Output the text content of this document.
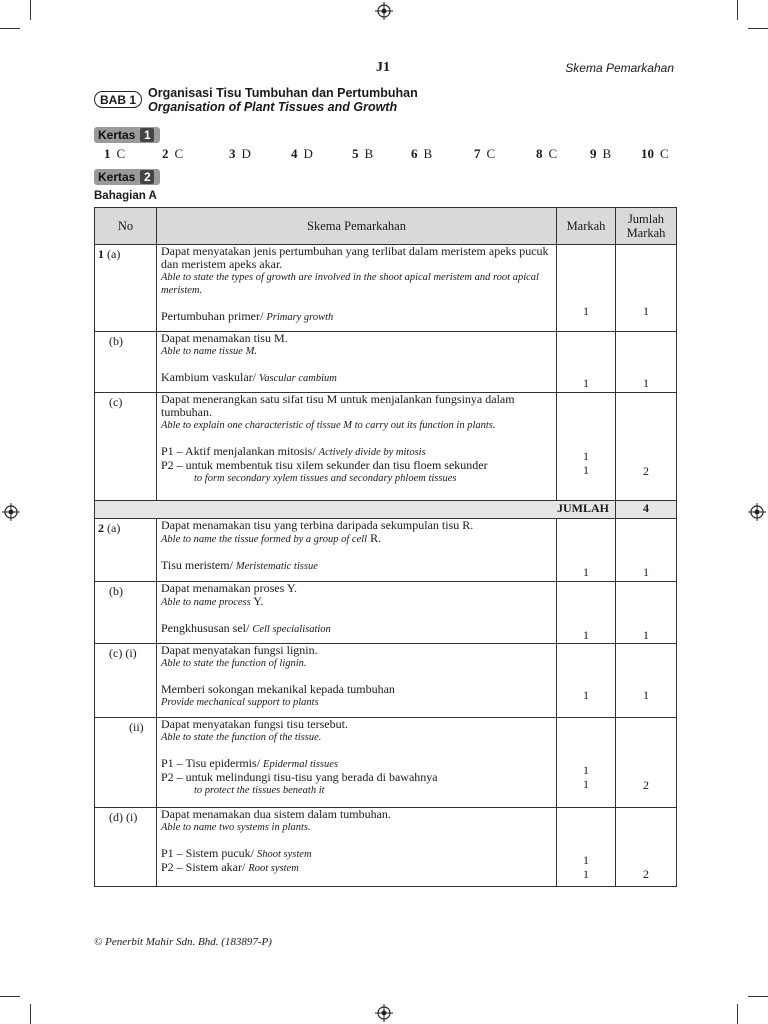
J1	Skema Pemarkahan
BAB 1 Organisasi Tisu Tumbuhan dan Pertumbuhan
Organisation of Plant Tissues and Growth
Kertas 1
1 C	2 C	3 D	4 D	5 B	6 B	7 C	8 C	9 B 10 C
Kertas 2
Bahagian A
No	Skema Pemarkahan	Markah	Jumlah Markah
1 (a)	Dapat menyatakan jenis pertumbuhan yang terlibat dalam meristem apeks pucuk dan meristem apeks akar.
Able to state the types of growth are involved in the shoot apical meristem and root apical meristem.
Pertumbuhan primer/ Primary growth	1	1

(b)	Dapat menamakan tisu M.
Able to name tissue M.
Kambium vaskular/ Vascular cambium	1	1

(c)	Dapat menerangkan satu sifat tisu M untuk menjalankan fungsinya dalam tumbuhan.
Able to explain one characteristic of tissue M to carry out its function in plants.
P1 – Aktif menjalankan mitosis/ Actively divide by mitosis
P2 – untuk membentuk tisu xilem sekunder dan tisu floem sekunder
to form secondary xylem tissues and secondary phloem tissues	1
1	2

JUMLAH			4
2 (a)	Dapat menamakan tisu yang terbina daripada sekumpulan tisu R.
Able to name the tissue formed by a group of cell R.
Tisu meristem/ Meristematic tissue	1	1

(b)	Dapat menamakan proses Y.
Able to name process Y.
Pengkhususan sel/ Cell specialisation	1	1

(c) (i)	Dapat menyatakan fungsi lignin.
Able to state the function of lignin.
Memberi sokongan mekanikal kepada tumbuhan
Provide mechanical support to plants	1	1

(ii)	Dapat menyatakan fungsi tisu tersebut.
Able to state the function of the tissue.
P1 – Tisu epidermis/ Epidermal tissues
P2 – untuk melindungi tisu-tisu yang berada di bawahnya
to protect the tissues beneath it	1
1	2

(d) (i)	Dapat menamakan dua sistem dalam tumbuhan.
Able to name two systems in plants.
P1 – Sistem pucuk/ Shoot system
P2 – Sistem akar/ Root system	1
1	2
© Penerbit Mahir Sdn. Bhd. (183897-P)
